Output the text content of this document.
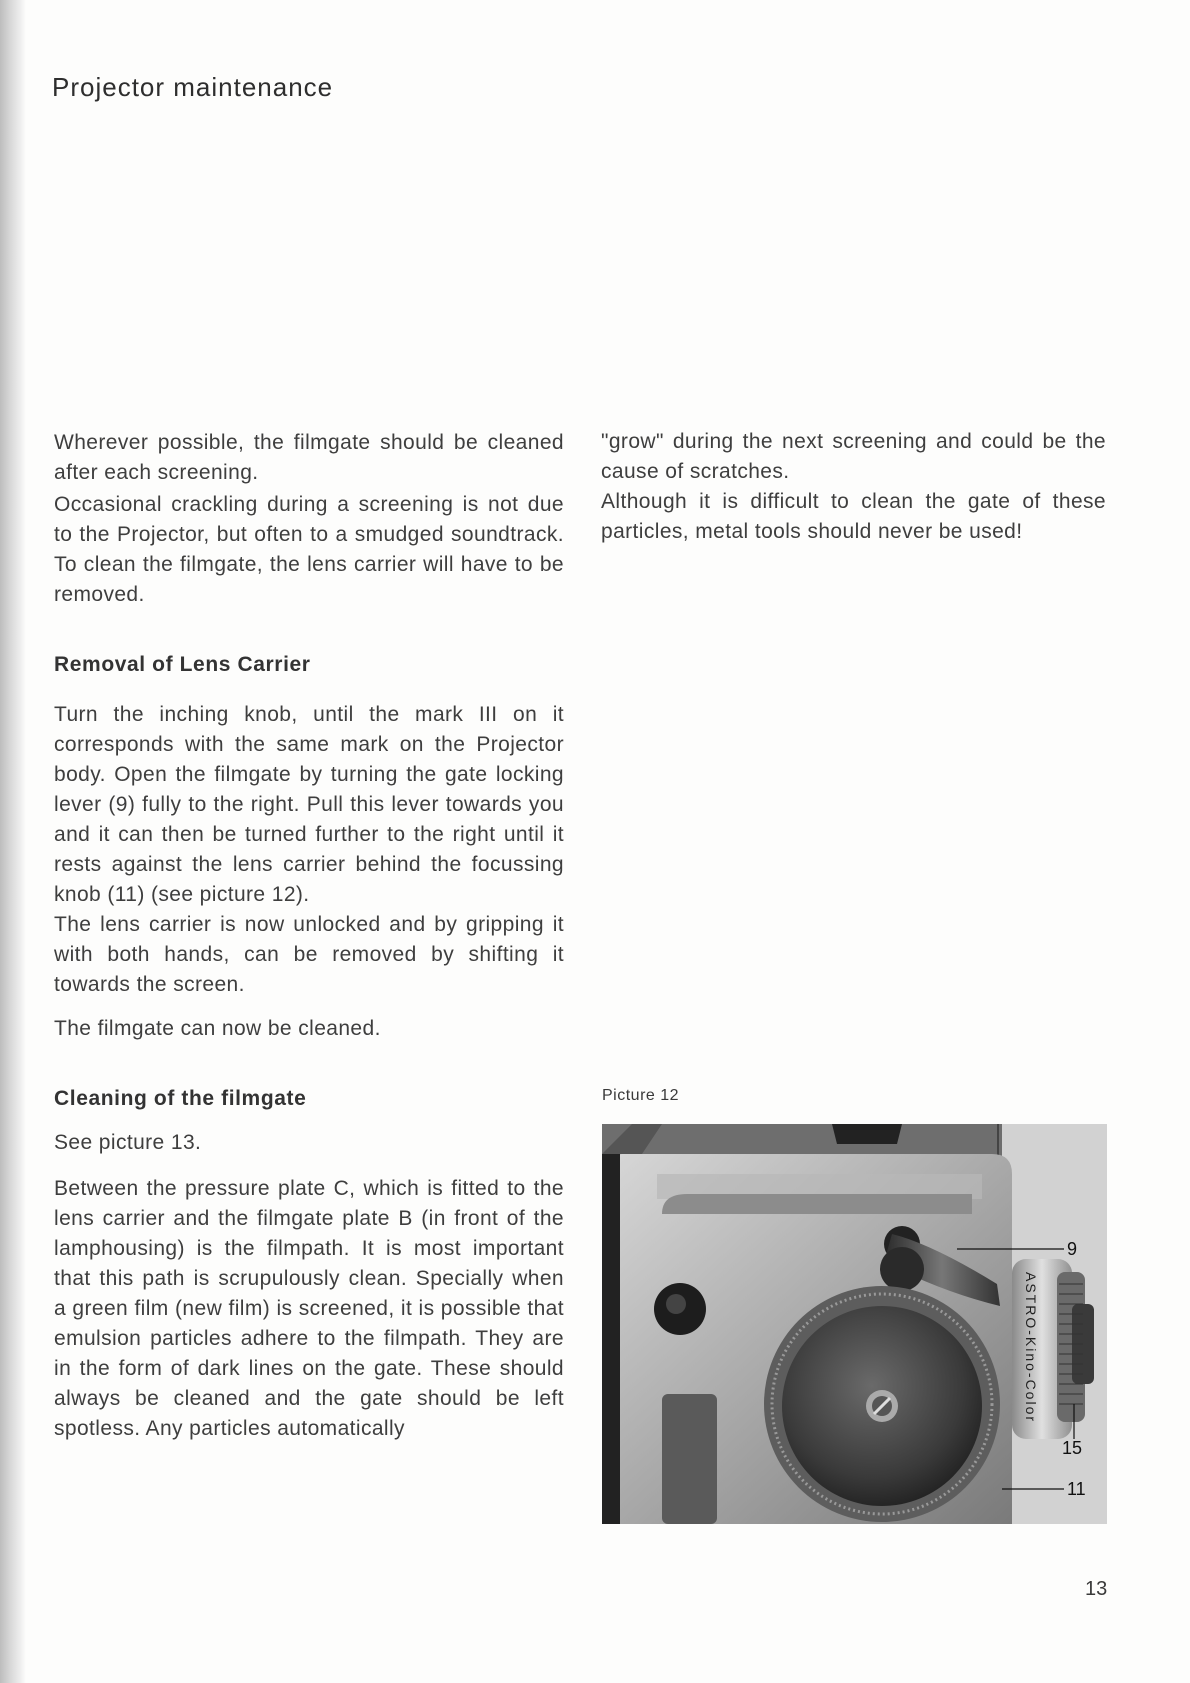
Projector maintenance

Wherever possible, the filmgate should be cleaned after each screening.

Occasional crackling during a screening is not due to the Projector, but often to a smudged soundtrack. To clean the filmgate, the lens carrier will have to be removed.

Removal of Lens Carrier

Turn the inching knob, until the mark III on it corresponds with the same mark on the Projector body. Open the filmgate by turning the gate locking lever (9) fully to the right. Pull this lever towards you and it can then be turned further to the right until it rests against the lens carrier behind the focussing knob (11) (see picture 12).

The lens carrier is now unlocked and by gripping it with both hands, can be removed by shifting it towards the screen.

The filmgate can now be cleaned.

Cleaning of the filmgate

See picture 13.

Between the pressure plate C, which is fitted to the lens carrier and the filmgate plate B (in front of the lamphousing) is the filmpath. It is most important that this path is scrupulously clean. Specially when a green film (new film) is screened, it is possible that emulsion particles adhere to the filmpath. They are in the form of dark lines on the gate. These should always be cleaned and the gate should be left spotless. Any particles automatically

"grow" during the next screening and could be the cause of scratches.

Although it is difficult to clean the gate of these particles, metal tools should never be used!

Picture 12
ASTRO-Kino-Color
9
15
11
13
